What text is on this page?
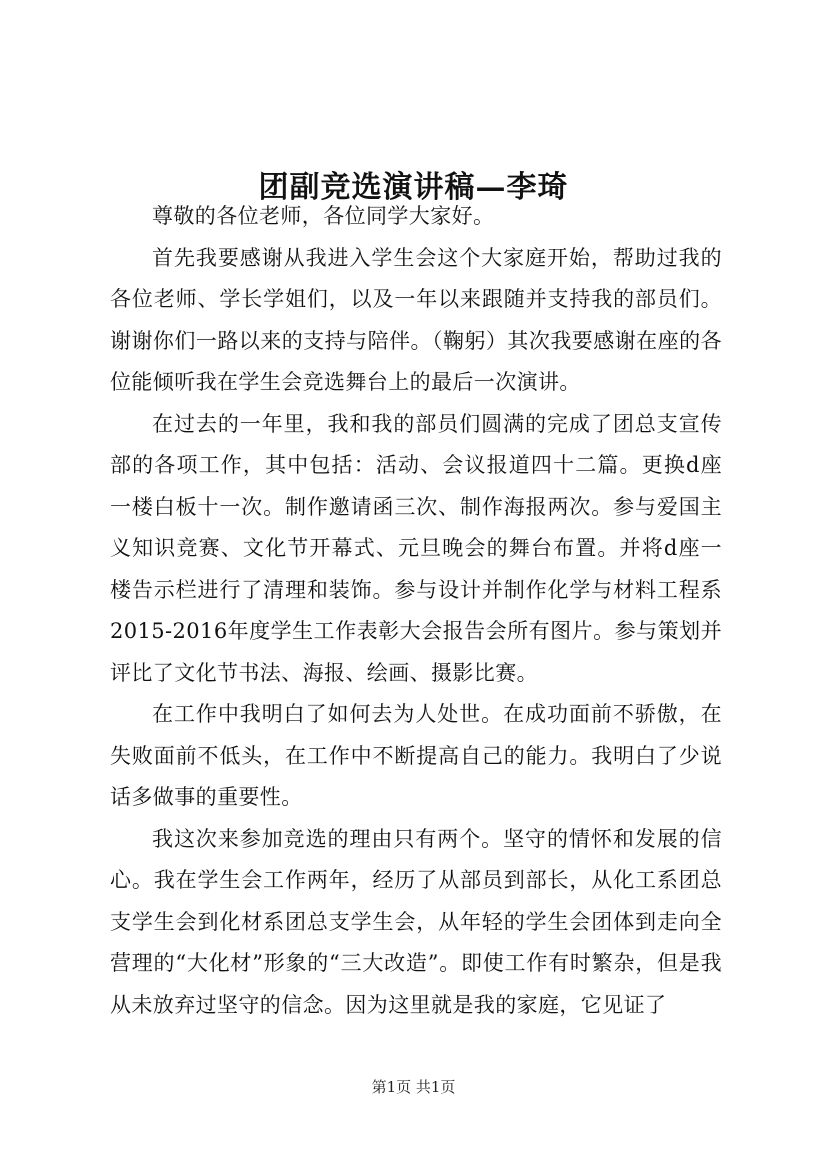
团副竞选演讲稿—李琦

尊敬的各位老师，各位同学大家好。

首先我要感谢从我进入学生会这个大家庭开始，帮助过我的各位老师、学长学姐们，以及一年以来跟随并支持我的部员们。谢谢你们一路以来的支持与陪伴。（鞠躬）其次我要感谢在座的各位能倾听我在学生会竞选舞台上的最后一次演讲。

在过去的一年里，我和我的部员们圆满的完成了团总支宣传部的各项工作，其中包括：活动、会议报道四十二篇。更换d座一楼白板十一次。制作邀请函三次、制作海报两次。参与爱国主义知识竞赛、文化节开幕式、元旦晚会的舞台布置。并将d座一楼告示栏进行了清理和装饰。参与设计并制作化学与材料工程系2015-2016年度学生工作表彰大会报告会所有图片。参与策划并评比了文化节书法、海报、绘画、摄影比赛。

在工作中我明白了如何去为人处世。在成功面前不骄傲，在失败面前不低头，在工作中不断提高自己的能力。我明白了少说话多做事的重要性。

我这次来参加竞选的理由只有两个。坚守的情怀和发展的信心。我在学生会工作两年，经历了从部员到部长，从化工系团总支学生会到化材系团总支学生会，从年轻的学生会团体到走向全营理的“大化材”形象的“三大改造”。即使工作有时繁杂，但是我从未放弃过坚守的信念。因为这里就是我的家庭，它见证了

第1页 共1页
